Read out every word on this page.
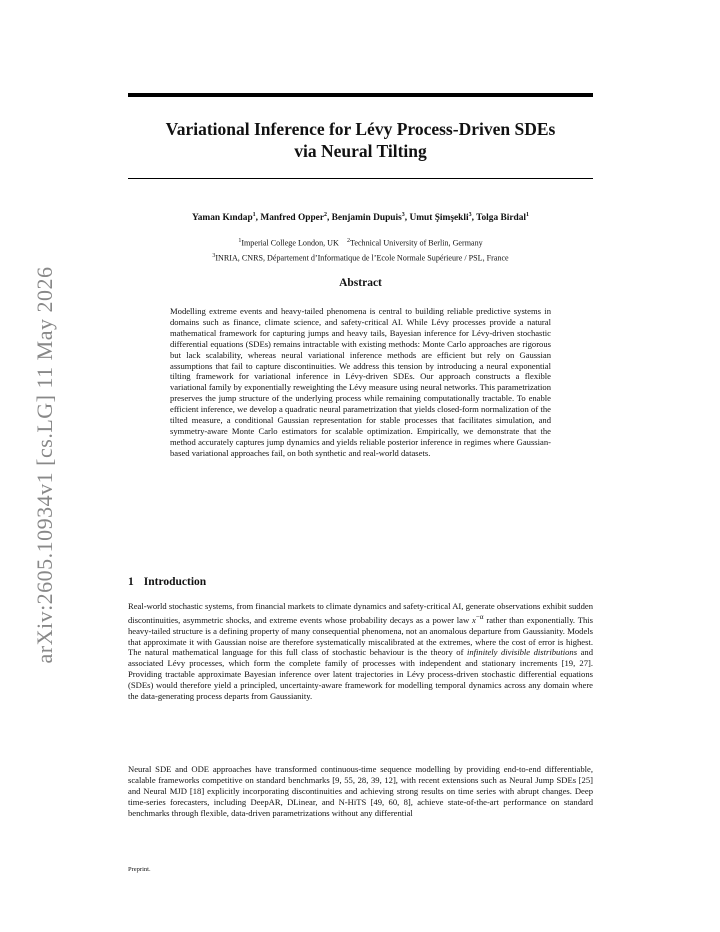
arXiv:2605.10934v1 [cs.LG] 11 May 2026
Variational Inference for Lévy Process-Driven SDEs
via Neural Tilting
Yaman Kındap$^1$, Manfred Opper$^2$, Benjamin Dupuis$^3$, Umut Şimşekli$^3$, Tolga Birdal$^1$
$^1$Imperial College London, UK $^2$Technical University of Berlin, Germany
$^3$INRIA, CNRS, Département d’Informatique de l’Ecole Normale Supérieure / PSL, France
Abstract

Modelling extreme events and heavy-tailed phenomena is central to building reliable predictive systems in domains such as finance, climate science, and safety-critical AI. While Lévy processes provide a natural mathematical framework for capturing jumps and heavy tails, Bayesian inference for Lévy-driven stochastic differential equations (SDEs) remains intractable with existing methods: Monte Carlo approaches are rigorous but lack scalability, whereas neural variational inference methods are efficient but rely on Gaussian assumptions that fail to capture discontinuities. We address this tension by introducing a neural exponential tilting framework for variational inference in Lévy-driven SDEs. Our approach constructs a flexible variational family by exponentially reweighting the Lévy measure using neural networks. This parametrization preserves the jump structure of the underlying process while remaining computationally tractable. To enable efficient inference, we develop a quadratic neural parametrization that yields closed-form normalization of the tilted measure, a conditional Gaussian representation for stable processes that facilitates simulation, and symmetry-aware Monte Carlo estimators for scalable optimization. Empirically, we demonstrate that the method accurately captures jump dynamics and yields reliable posterior inference in regimes where Gaussian-based variational approaches fail, on both synthetic and real-world datasets.

1 Introduction

Real-world stochastic systems, from financial markets to climate dynamics and safety-critical AI, generate observations exhibit sudden discontinuities, asymmetric shocks, and extreme events whose probability decays as a power law $x^{-\alpha}$ rather than exponentially. This heavy-tailed structure is a defining property of many consequential phenomena, not an anomalous departure from Gaussianity. Models that approximate it with Gaussian noise are therefore systematically miscalibrated at the extremes, where the cost of error is highest. The natural mathematical language for this full class of stochastic behaviour is the theory of infinitely divisible distributions and associated Lévy processes, which form the complete family of processes with independent and stationary increments [19, 27]. Providing tractable approximate Bayesian inference over latent trajectories in Lévy process-driven stochastic differential equations (SDEs) would therefore yield a principled, uncertainty-aware framework for modelling temporal dynamics across any domain where the data-generating process departs from Gaussianity.

Neural SDE and ODE approaches have transformed continuous-time sequence modelling by providing end-to-end differentiable, scalable frameworks competitive on standard benchmarks [9, 55, 28, 39, 12], with recent extensions such as Neural Jump SDEs [25] and Neural MJD [18] explicitly incorporating discontinuities and achieving strong results on time series with abrupt changes. Deep time-series forecasters, including DeepAR, DLinear, and N-HiTS [49, 60, 8], achieve state-of-the-art performance on standard benchmarks through flexible, data-driven parametrizations without any differential

Preprint.
